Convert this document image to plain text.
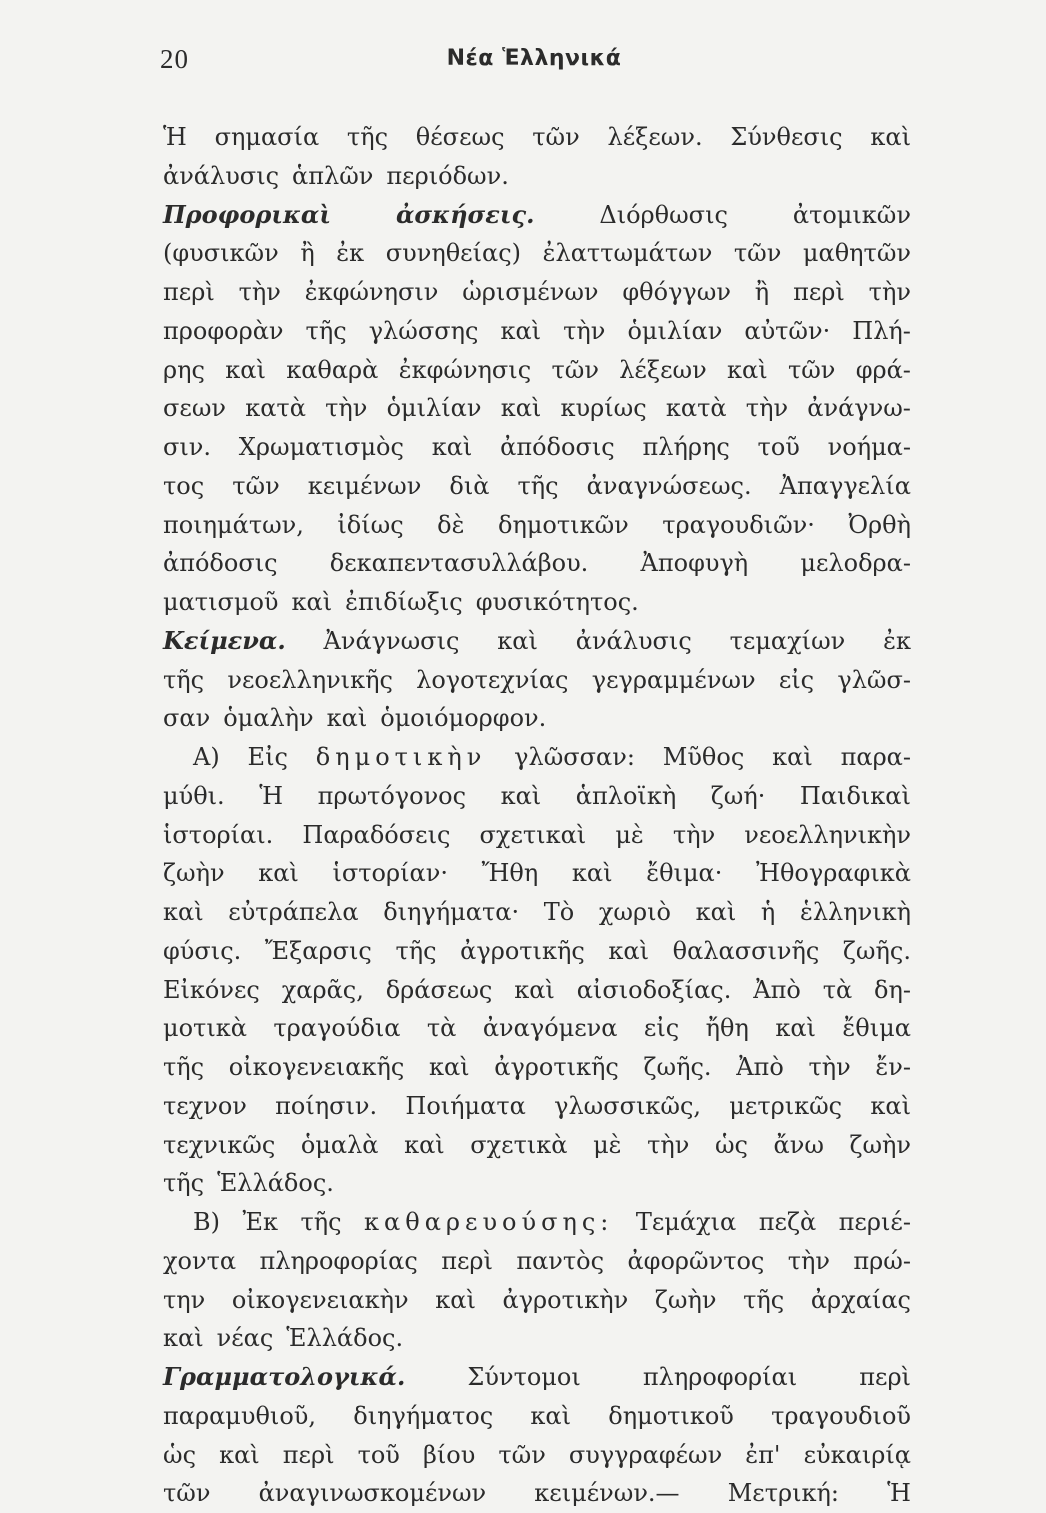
20	Νέα Ἑλληνικά
Ἡ σημασία τῆς θέσεως τῶν λέξεων. Σύνθεσις καὶ
ἀνάλυσις ἁπλῶν περιόδων.
Προφορικαὶ	ἀσκήσεις.	Διόρθωσις	ἀτομικῶν
(φυσικῶν ἢ ἐκ συνηθείας) ἐλαττωμάτων τῶν μαθητῶν
περὶ τὴν ἐκφώνησιν ὡρισμένων φθόγγων ἢ περὶ τὴν
προφορὰν τῆς γλώσσης καὶ τὴν ὁμιλίαν αὐτῶν· Πλή-
ρης καὶ καθαρὰ ἐκφώνησις τῶν λέξεων καὶ τῶν φρά-
σεων κατὰ τὴν ὁμιλίαν καὶ κυρίως κατὰ τὴν ἀνάγνω-
σιν. Χρωματισμὸς καὶ ἀπόδοσις πλήρης τοῦ νοήμα-
τος τῶν κειμένων διὰ τῆς ἀναγνώσεως. Ἀπαγγελία
ποιημάτων, ἰδίως δὲ δημοτικῶν τραγουδιῶν· Ὀρθὴ
ἀπόδοσις δεκαπεντασυλλάβου. Ἀποφυγὴ μελοδρα-
ματισμοῦ καὶ ἐπιδίωξις φυσικότητος.
Κείμενα. Ἀνάγνωσις καὶ ἀνάλυσις τεμαχίων ἐκ
τῆς νεοελληνικῆς λογοτεχνίας γεγραμμένων εἰς γλῶσ-
σαν ὁμαλὴν καὶ ὁμοιόμορφον.
Α) Εἰς δημοτικὴν γλῶσσαν: Μῦθος καὶ παρα-
μύθι. Ἡ πρωτόγονος καὶ ἁπλοϊκὴ ζωή· Παιδικαὶ
ἱστορίαι. Παραδόσεις σχετικαὶ μὲ τὴν νεοελληνικὴν
ζωὴν καὶ ἱστορίαν· Ἤθη καὶ ἔθιμα· Ἠθογραφικὰ
καὶ εὐτράπελα διηγήματα· Τὸ χωριὸ καὶ ἡ ἑλληνικὴ
φύσις. Ἔξαρσις τῆς ἀγροτικῆς καὶ θαλασσινῆς ζωῆς.
Εἰκόνες χαρᾶς, δράσεως καὶ αἰσιοδοξίας. Ἀπὸ τὰ δη-
μοτικὰ τραγούδια τὰ ἀναγόμενα εἰς ἤθη καὶ ἔθιμα
τῆς οἰκογενειακῆς καὶ ἀγροτικῆς ζωῆς. Ἀπὸ τὴν ἔν-
τεχνον ποίησιν. Ποιήματα γλωσσικῶς, μετρικῶς καὶ
τεχνικῶς ὁμαλὰ καὶ σχετικὰ μὲ τὴν ὡς ἄνω ζωὴν
τῆς Ἑλλάδος.
Β) Ἐκ τῆς καθαρευούσης: Τεμάχια πεζὰ περιέ-
χοντα πληροφορίας περὶ παντὸς ἀφορῶντος τὴν πρώ-
την οἰκογενειακὴν καὶ ἀγροτικὴν ζωὴν τῆς ἀρχαίας
καὶ νέας Ἑλλάδος.
Γραμματολογικά.	Σύντομοι	πληροφορίαι	περὶ
παραμυθιοῦ, διηγήματος καὶ δημοτικοῦ τραγουδιοῦ
ὡς καὶ περὶ τοῦ βίου τῶν συγγραφέων ἐπ' εὐκαιρίᾳ
τῶν ἀναγινωσκομένων κειμένων.— Μετρική: Ἡ
